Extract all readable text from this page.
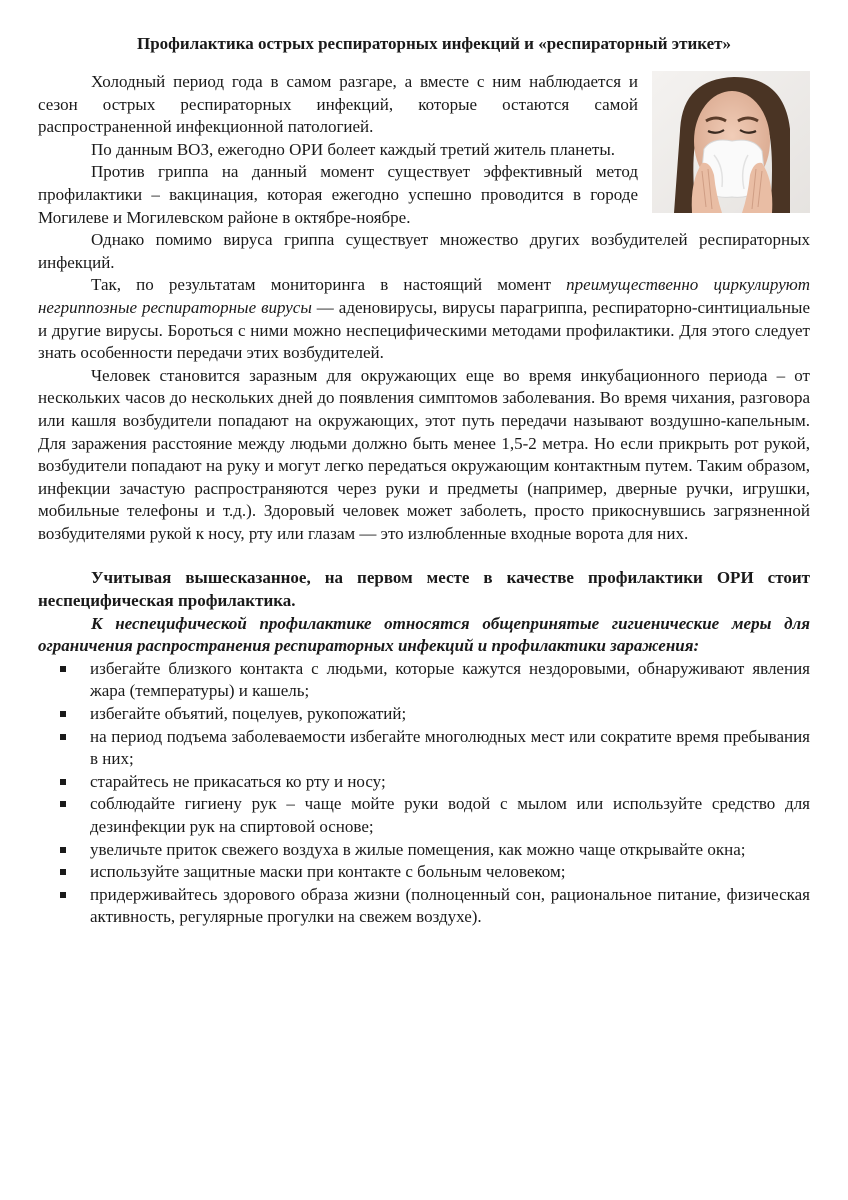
Профилактика острых респираторных инфекций и «респираторный этикет»

Холодный период года в самом разгаре, а вместе с ним наблюдается и сезон острых респираторных инфекций, которые остаются самой распространенной инфекционной патологией.

По данным ВОЗ, ежегодно ОРИ болеет каждый третий житель планеты.

Против гриппа на данный момент существует эффективный метод профилактики – вакцинация, которая ежегодно успешно проводится в городе Могилеве и Могилевском районе в октябре-ноябре.

Однако помимо вируса гриппа существует множество других возбудителей респираторных инфекций.

Так, по результатам мониторинга в настоящий момент преимущественно циркулируют негриппозные респираторные вирусы — аденовирусы, вирусы парагриппа, респираторно-синтициальные и другие вирусы. Бороться с ними можно неспецифическими методами профилактики. Для этого следует знать особенности передачи этих возбудителей.

Человек становится заразным для окружающих еще во время инкубационного периода – от нескольких часов до нескольких дней до появления симптомов заболевания. Во время чихания, разговора или кашля возбудители попадают на окружающих, этот путь передачи называют воздушно-капельным. Для заражения расстояние между людьми должно быть менее 1,5-2 метра. Но если прикрыть рот рукой, возбудители попадают на руку и могут легко передаться окружающим контактным путем. Таким образом, инфекции зачастую распространяются через руки и предметы (например, дверные ручки, игрушки, мобильные телефоны и т.д.). Здоровый человек может заболеть, просто прикоснувшись загрязненной возбудителями рукой к носу, рту или глазам — это излюбленные входные ворота для них.

Учитывая вышесказанное, на первом месте в качестве профилактики ОРИ стоит неспецифическая профилактика.

К неспецифической профилактике относятся общепринятые гигиенические меры для ограничения распространения респираторных инфекций и профилактики заражения:

избегайте близкого контакта с людьми, которые кажутся нездоровыми, обнаруживают явления жара (температуры) и кашель;
избегайте объятий, поцелуев, рукопожатий;
на период подъема заболеваемости избегайте многолюдных мест или сократите время пребывания в них;
старайтесь не прикасаться ко рту и носу;
соблюдайте гигиену рук – чаще мойте руки водой с мылом или используйте средство для дезинфекции рук на спиртовой основе;
увеличьте приток свежего воздуха в жилые помещения, как можно чаще открывайте окна;
используйте защитные маски при контакте с больным человеком;
придерживайтесь здорового образа жизни (полноценный сон, рациональное питание, физическая активность, регулярные прогулки на свежем воздухе).
